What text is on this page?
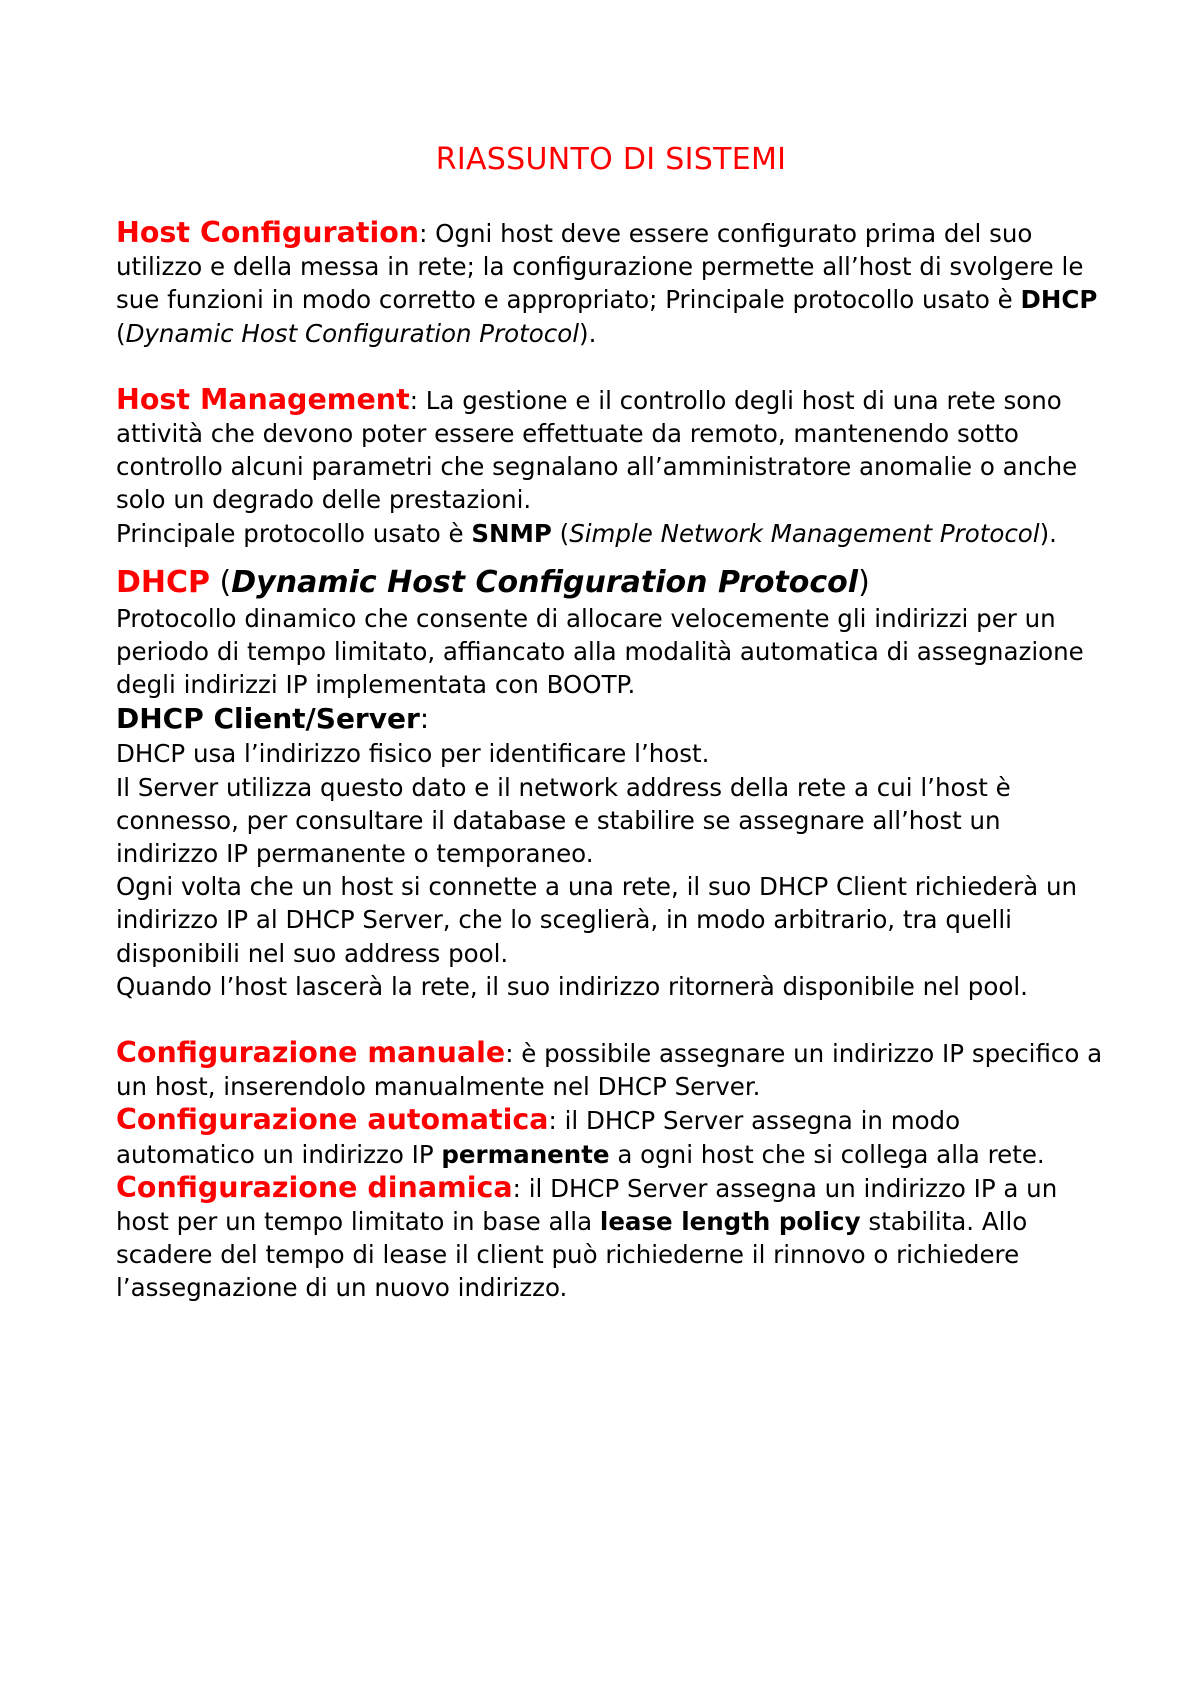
RIASSUNTO DI SISTEMI

Host Configuration: Ogni host deve essere configurato prima del suo utilizzo e della messa in rete; la configurazione permette all’host di svolgere le sue funzioni in modo corretto e appropriato; Principale protocollo usato è DHCP (Dynamic Host Configuration Protocol).

Host Management: La gestione e il controllo degli host di una rete sono attività che devono poter essere effettuate da remoto, mantenendo sotto controllo alcuni parametri che segnalano all’amministratore anomalie o anche solo un degrado delle prestazioni.

Principale protocollo usato è SNMP (Simple Network Management Protocol).

DHCP (Dynamic Host Configuration Protocol)

Protocollo dinamico che consente di allocare velocemente gli indirizzi per un periodo di tempo limitato, affiancato alla modalità automatica di assegnazione degli indirizzi IP implementata con BOOTP.

DHCP Client/Server:

DHCP usa l’indirizzo fisico per identificare l’host.

Il Server utilizza questo dato e il network address della rete a cui l’host è connesso, per consultare il database e stabilire se assegnare all’host un indirizzo IP permanente o temporaneo.

Ogni volta che un host si connette a una rete, il suo DHCP Client richiederà un indirizzo IP al DHCP Server, che lo sceglierà, in modo arbitrario, tra quelli disponibili nel suo address pool.

Quando l’host lascerà la rete, il suo indirizzo ritornerà disponibile nel pool.

Configurazione manuale: è possibile assegnare un indirizzo IP specifico a un host, inserendolo manualmente nel DHCP Server.

Configurazione automatica: il DHCP Server assegna in modo automatico un indirizzo IP permanente a ogni host che si collega alla rete.

Configurazione dinamica: il DHCP Server assegna un indirizzo IP a un host per un tempo limitato in base alla lease length policy stabilita. Allo scadere del tempo di lease il client può richiederne il rinnovo o richiedere l’assegnazione di un nuovo indirizzo.
